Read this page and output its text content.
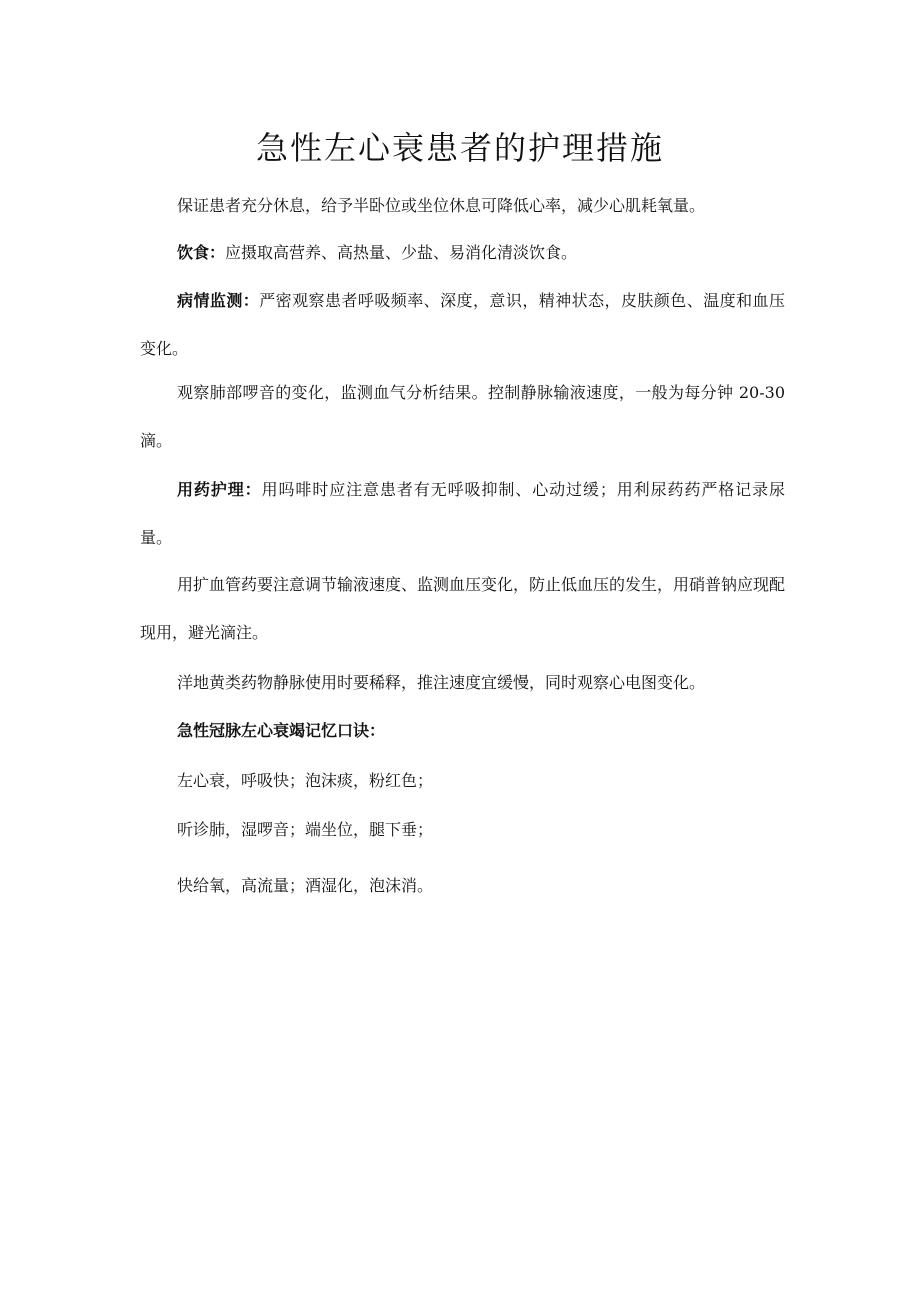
急性左心衰患者的护理措施

保证患者充分休息，给予半卧位或坐位休息可降低心率，减少心肌耗氧量。

饮食：应摄取高营养、高热量、少盐、易消化清淡饮食。

病情监测：严密观察患者呼吸频率、深度，意识，精神状态，皮肤颜色、温度和血压变化。

观察肺部啰音的变化，监测血气分析结果。控制静脉输液速度，一般为每分钟 20-30 滴。

用药护理：用吗啡时应注意患者有无呼吸抑制、心动过缓；用利尿药药严格记录尿量。

用扩血管药要注意调节输液速度、监测血压变化，防止低血压的发生，用硝普钠应现配现用，避光滴注。

洋地黄类药物静脉使用时要稀释，推注速度宜缓慢，同时观察心电图变化。

急性冠脉左心衰竭记忆口诀：

左心衰，呼吸快；泡沫痰，粉红色；

听诊肺，湿啰音；端坐位，腿下垂；

快给氧，高流量；酒湿化，泡沫消。
